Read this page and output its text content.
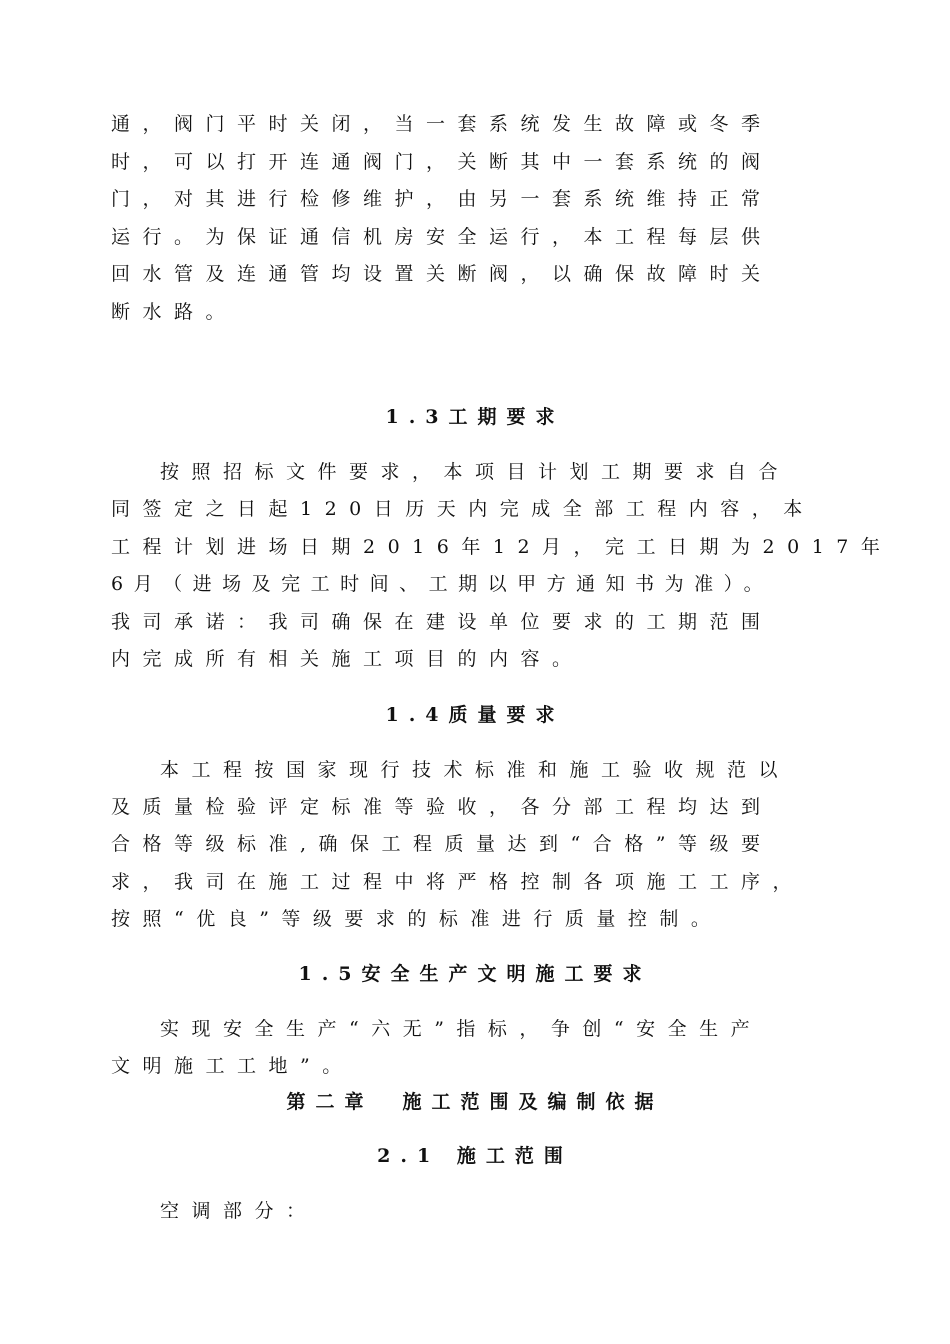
通，阀门平时关闭，当一套系统发生故障或冬季
时，可以打开连通阀门，关断其中一套系统的阀
门，对其进行检修维护，由另一套系统维持正常
运行。为保证通信机房安全运行，本工程每层供
回水管及连通管均设置关断阀，以确保故障时关
断水路。
1.3工期要求
按照招标文件要求，本项目计划工期要求自合
同签定之日起120日历天内完成全部工程内容，本
工程计划进场日期2016年12月，完工日期为2017年
6月（进场及完工时间、工期以甲方通知书为准）。
我司承诺：我司确保在建设单位要求的工期范围
内完成所有相关施工项目的内容。
1.4质量要求
本工程按国家现行技术标准和施工验收规范以
及质量检验评定标准等验收，各分部工程均达到
合格等级标准,确保工程质量达到“合格”等级要
求，我司在施工过程中将严格控制各项施工工序，
按照“优良”等级要求的标准进行质量控制。
1.5安全生产文明施工要求
实现安全生产“六无”指标，争创“安全生产
文明施工工地”。
第二章　施工范围及编制依据
2.1 施工范围
空调部分：
